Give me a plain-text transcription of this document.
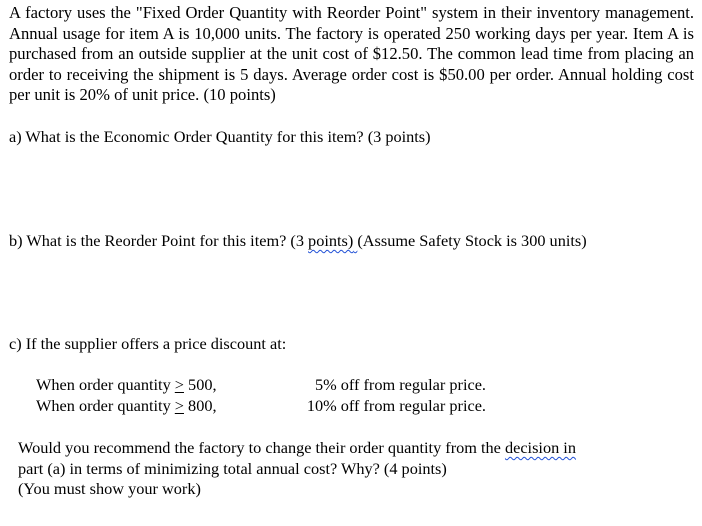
A factory uses the "Fixed Order Quantity with Reorder Point" system in their inventory management. Annual usage for item A is 10,000 units. The factory is operated 250 working days per year. Item A is purchased from an outside supplier at the unit cost of $12.50. The common lead time from placing an order to receiving the shipment is 5 days. Average order cost is $50.00 per order. Annual holding cost per unit is 20% of unit price. (10 points)
a) What is the Economic Order Quantity for this item? (3 points)
b) What is the Reorder Point for this item? (3 points) (Assume Safety Stock is 300 units)
c) If the supplier offers a price discount at:
When order quantity > 500,	5% off from regular price.
When order quantity > 800,	10% off from regular price.
Would you recommend the factory to change their order quantity from the decision in
part (a) in terms of minimizing total annual cost? Why? (4 points)
(You must show your work)
